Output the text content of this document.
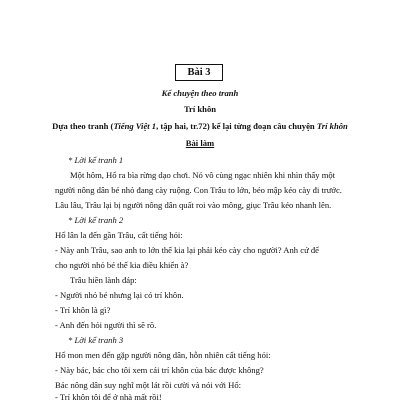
Bài 3
Kể chuyện theo tranh
Trí khôn
Dựa theo tranh (Tiếng Việt 1, tập hai, tr.72) kể lại từng đoạn câu chuyện Trí khôn
Bài làm
* Lời kể tranh 1
Một hôm, Hổ ra bìa rừng dạo chơi. Nó vô cùng ngạc nhiên khi nhìn thấy một
người nông dân bé nhỏ đang cày ruộng. Con Trâu to lớn, béo mập kéo cày đi trước.
Lâu lâu, Trâu lại bị người nông dân quất roi vào mông, giục Trâu kéo nhanh lên.
* Lời kể tranh 2
Hổ lân la đến gần Trâu, cất tiếng hỏi:
- Này anh Trâu, sao anh to lớn thế kia lại phải kéo cày cho người? Anh cứ để
cho người nhỏ bé thế kia điều khiển à?
Trâu hiền lành đáp:
- Người nhỏ bé nhưng lại có trí khôn.
- Trí khôn là gì?
- Anh đến hỏi người thì sẽ rõ.
* Lời kể tranh 3
Hổ mon men đến gặp người nông dân, hỗn nhiên cất tiếng hỏi:
- Này bác, bác cho tôi xem cái trí khôn của bác được không?
Bác nông dân suy nghĩ một lát rồi cười và nói với Hổ:
- Trí khôn tôi để ở nhà mất rồi!
